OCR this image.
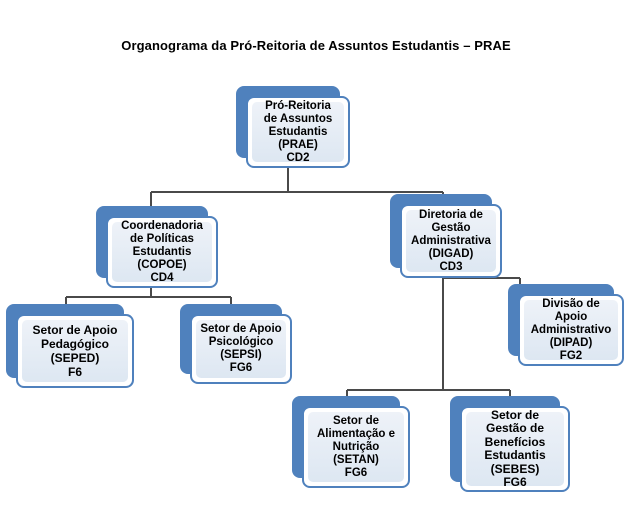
Organograma da Pró-Reitoria de Assuntos Estudantis – PRAE
Pró-Reitoria
de Assuntos
Estudantis
(PRAE)
CD2
Coordenadoria
de Políticas
Estudantis
(COPOE)
CD4
Diretoria de
Gestão
Administrativa
(DIGAD)
CD3
Setor de Apoio
Pedagógico
(SEPED)
F6
Setor de Apoio
Psicológico
(SEPSI)
FG6
Divisão de
Apoio
Administrativo
(DIPAD)
FG2
Setor de
Alimentação e
Nutrição
(SETAN)
FG6
Setor de
Gestão de
Benefícios
Estudantis
(SEBES)
FG6
